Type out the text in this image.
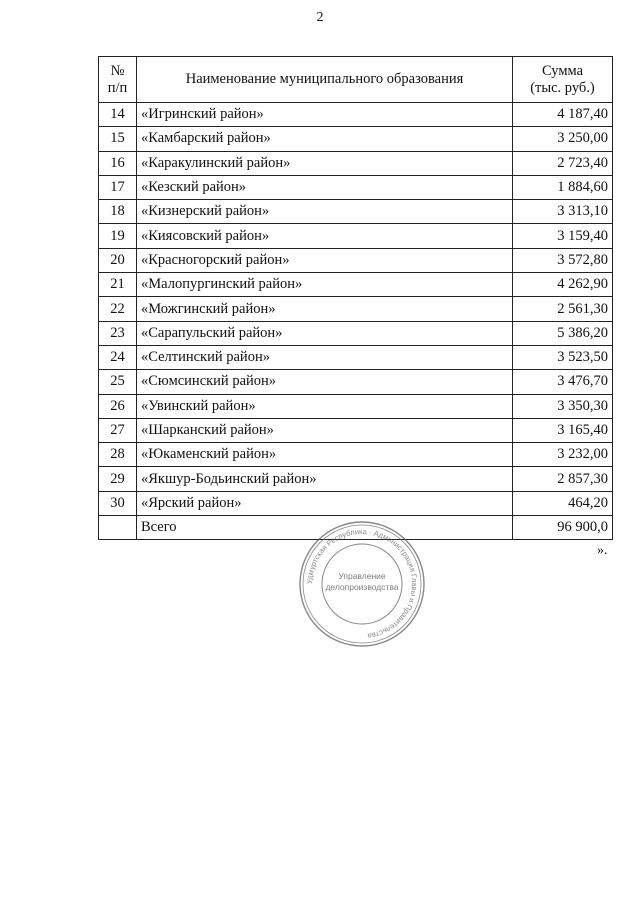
2
№
п/п	Наименование муниципального образования	Сумма
(тыс. руб.)
14	«Игринский район»	4 187,40
15	«Камбарский район»	3 250,00
16	«Каракулинский район»	2 723,40
17	«Кезский район»	1 884,60
18	«Кизнерский район»	3 313,10
19	«Киясовский район»	3 159,40
20	«Красногорский район»	3 572,80
21	«Малопургинский район»	4 262,90
22	«Можгинский район»	2 561,30
23	«Сарапульский район»	5 386,20
24	«Селтинский район»	3 523,50
25	«Сюмсинский район»	3 476,70
26	«Увинский район»	3 350,30
27	«Шарканский район»	3 165,40
28	«Юкаменский район»	3 232,00
29	«Якшур-Бодьинский район»	2 857,30
30	«Ярский район»	464,20
	Всего	96 900,0
».
Удмуртская Республика · Администрация Главы и Правительства
Управление
делопроизводства
